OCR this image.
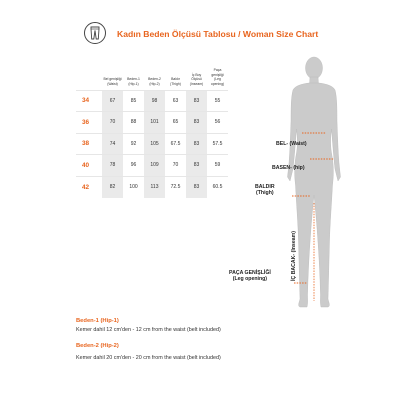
Kadın Beden Ölçüsü Tablosu / Woman Size Chart
	Bel genişliği
(Waist)	Beden-1
(Hip-1)	Beden-2
(Hip-2)	Baldır
(Thigh)	İç Boy
Ölçüsü
(Inseam)	Paça
genişliği
(Leg opening)
34	67	85	98	63	83	55
36	70	88	101	65	83	56
38	74	92	105	67.5	83	57.5
40	78	96	109	70	83	59
42	82	100	113	72.5	83	60.5
BEL- (Waist)
BASEN- (hip)
BALDIR
(Thigh)
İÇ BACAK- (Inseam)
PAÇA GENİŞLİĞİ
(Leg opening)
Beden-1 (Hip-1)
Kemer dahil 12 cm'den - 12 cm from the waist (belt included)
Beden-2 (Hip-2)
Kemer dahil 20 cm'den - 20 cm from the waist (belt included)
